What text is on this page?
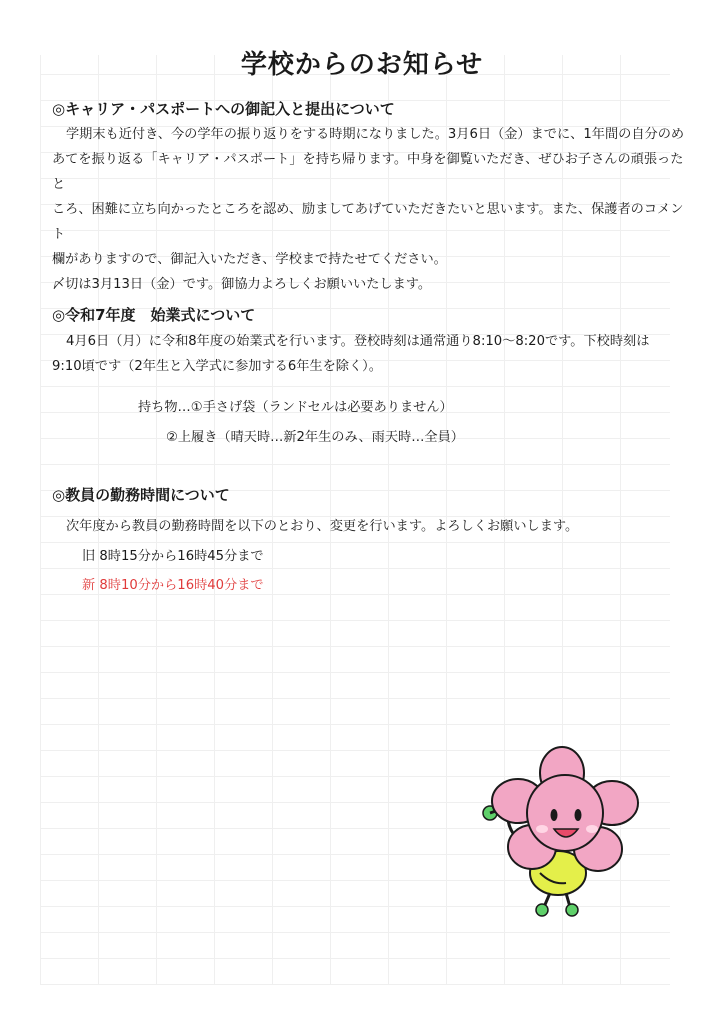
学校からのお知らせ
◎キャリア・パスポートへの御記入と提出について
学期末も近付き、今の学年の振り返りをする時期になりました。3月6日（金）までに、1年間の自分のめ
あてを振り返る「キャリア・パスポート」を持ち帰ります。中身を御覧いただき、ぜひお子さんの頑張ったと
ころ、困難に立ち向かったところを認め、励ましてあげていただきたいと思います。また、保護者のコメント
欄がありますので、御記入いただき、学校まで持たせてください。
〆切は3月13日（金）です。御協力よろしくお願いいたします。
◎令和7年度　始業式について
4月6日（月）に令和8年度の始業式を行います。登校時刻は通常通り8:10～8:20です。下校時刻は
9:10頃です（2年生と入学式に参加する6年生を除く）。
持ち物…①手さげ袋（ランドセルは必要ありません）
②上履き（晴天時…新2年生のみ、雨天時…全員）
◎教員の勤務時間について
次年度から教員の勤務時間を以下のとおり、変更を行います。よろしくお願いします。
旧 8時15分から16時45分まで
新 8時10分から16時40分まで
